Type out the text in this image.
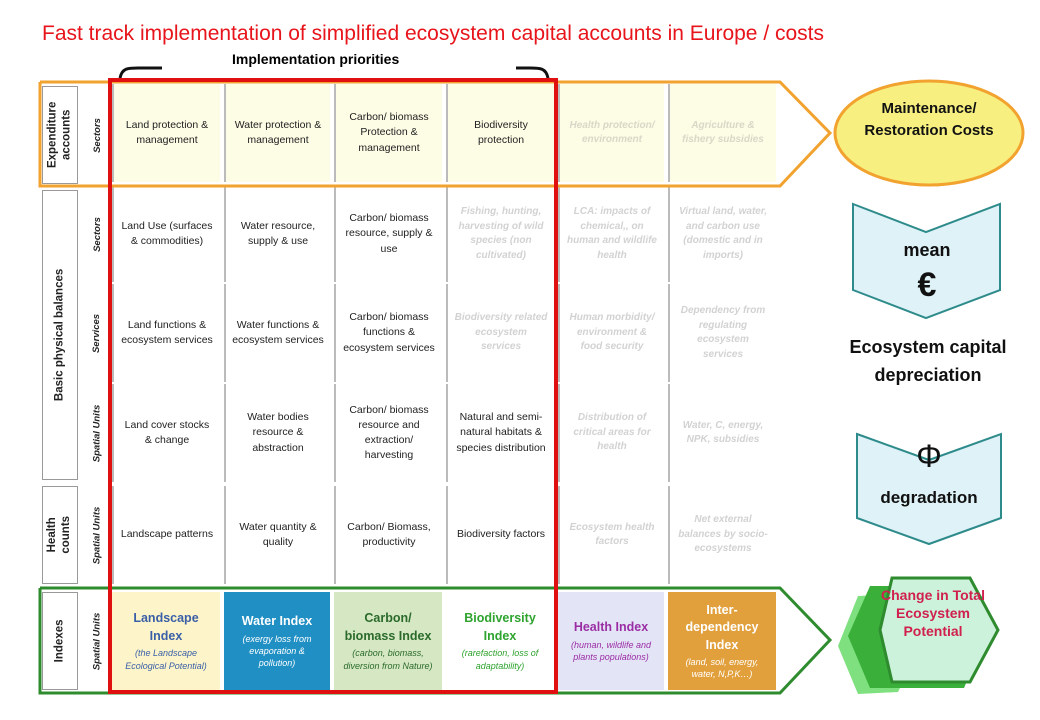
Fast track implementation of simplified ecosystem capital accounts in Europe / costs
Implementation priorities
Expenditure accounts
Basic physical balances
Health counts
Indexes
Sectors
Sectors
Services
Spatial Units
Spatial Units
Spatial Units
Land protection & management
Water protection & management
Carbon/ biomass Protection & management
Biodiversity protection
Health protection/ environment
Agriculture & fishery subsidies
Land Use (surfaces & commodities)
Water resource, supply & use
Carbon/ biomass resource, supply & use
Fishing, hunting, harvesting of wild species (non cultivated)
LCA: impacts of chemical,, on human and wildlife health
Virtual land, water, and carbon use (domestic and in imports)
Land functions & ecosystem services
Water functions & ecosystem services
Carbon/ biomass functions & ecosystem services
Biodiversity related ecosystem services
Human morbidity/ environment & food security
Dependency from regulating ecosystem services
Land cover stocks & change
Water bodies resource & abstraction
Carbon/ biomass resource and extraction/ harvesting
Natural and semi-natural habitats & species distribution
Distribution of critical areas for health
Water, C, energy, NPK, subsidies
Landscape patterns
Water quantity & quality
Carbon/ Biomass, productivity
Biodiversity factors
Ecosystem health factors
Net external balances by socio-ecosystems
Landscape Index
(the Landscape Ecological Potential)
Water Index
(exergy loss from evaporation & pollution)
Carbon/ biomass Index
(carbon, biomass, diversion from Nature)
Biodiversity Index
(rarefaction, loss of adaptability)
Health Index
(human, wildlife and plants populations)
Inter-dependency Index
(land, soil, energy, water, N,P,K…)
Maintenance/ Restoration Costs
mean
€
Ecosystem capital depreciation
Φ
degradation
Change in Total Ecosystem Potential
